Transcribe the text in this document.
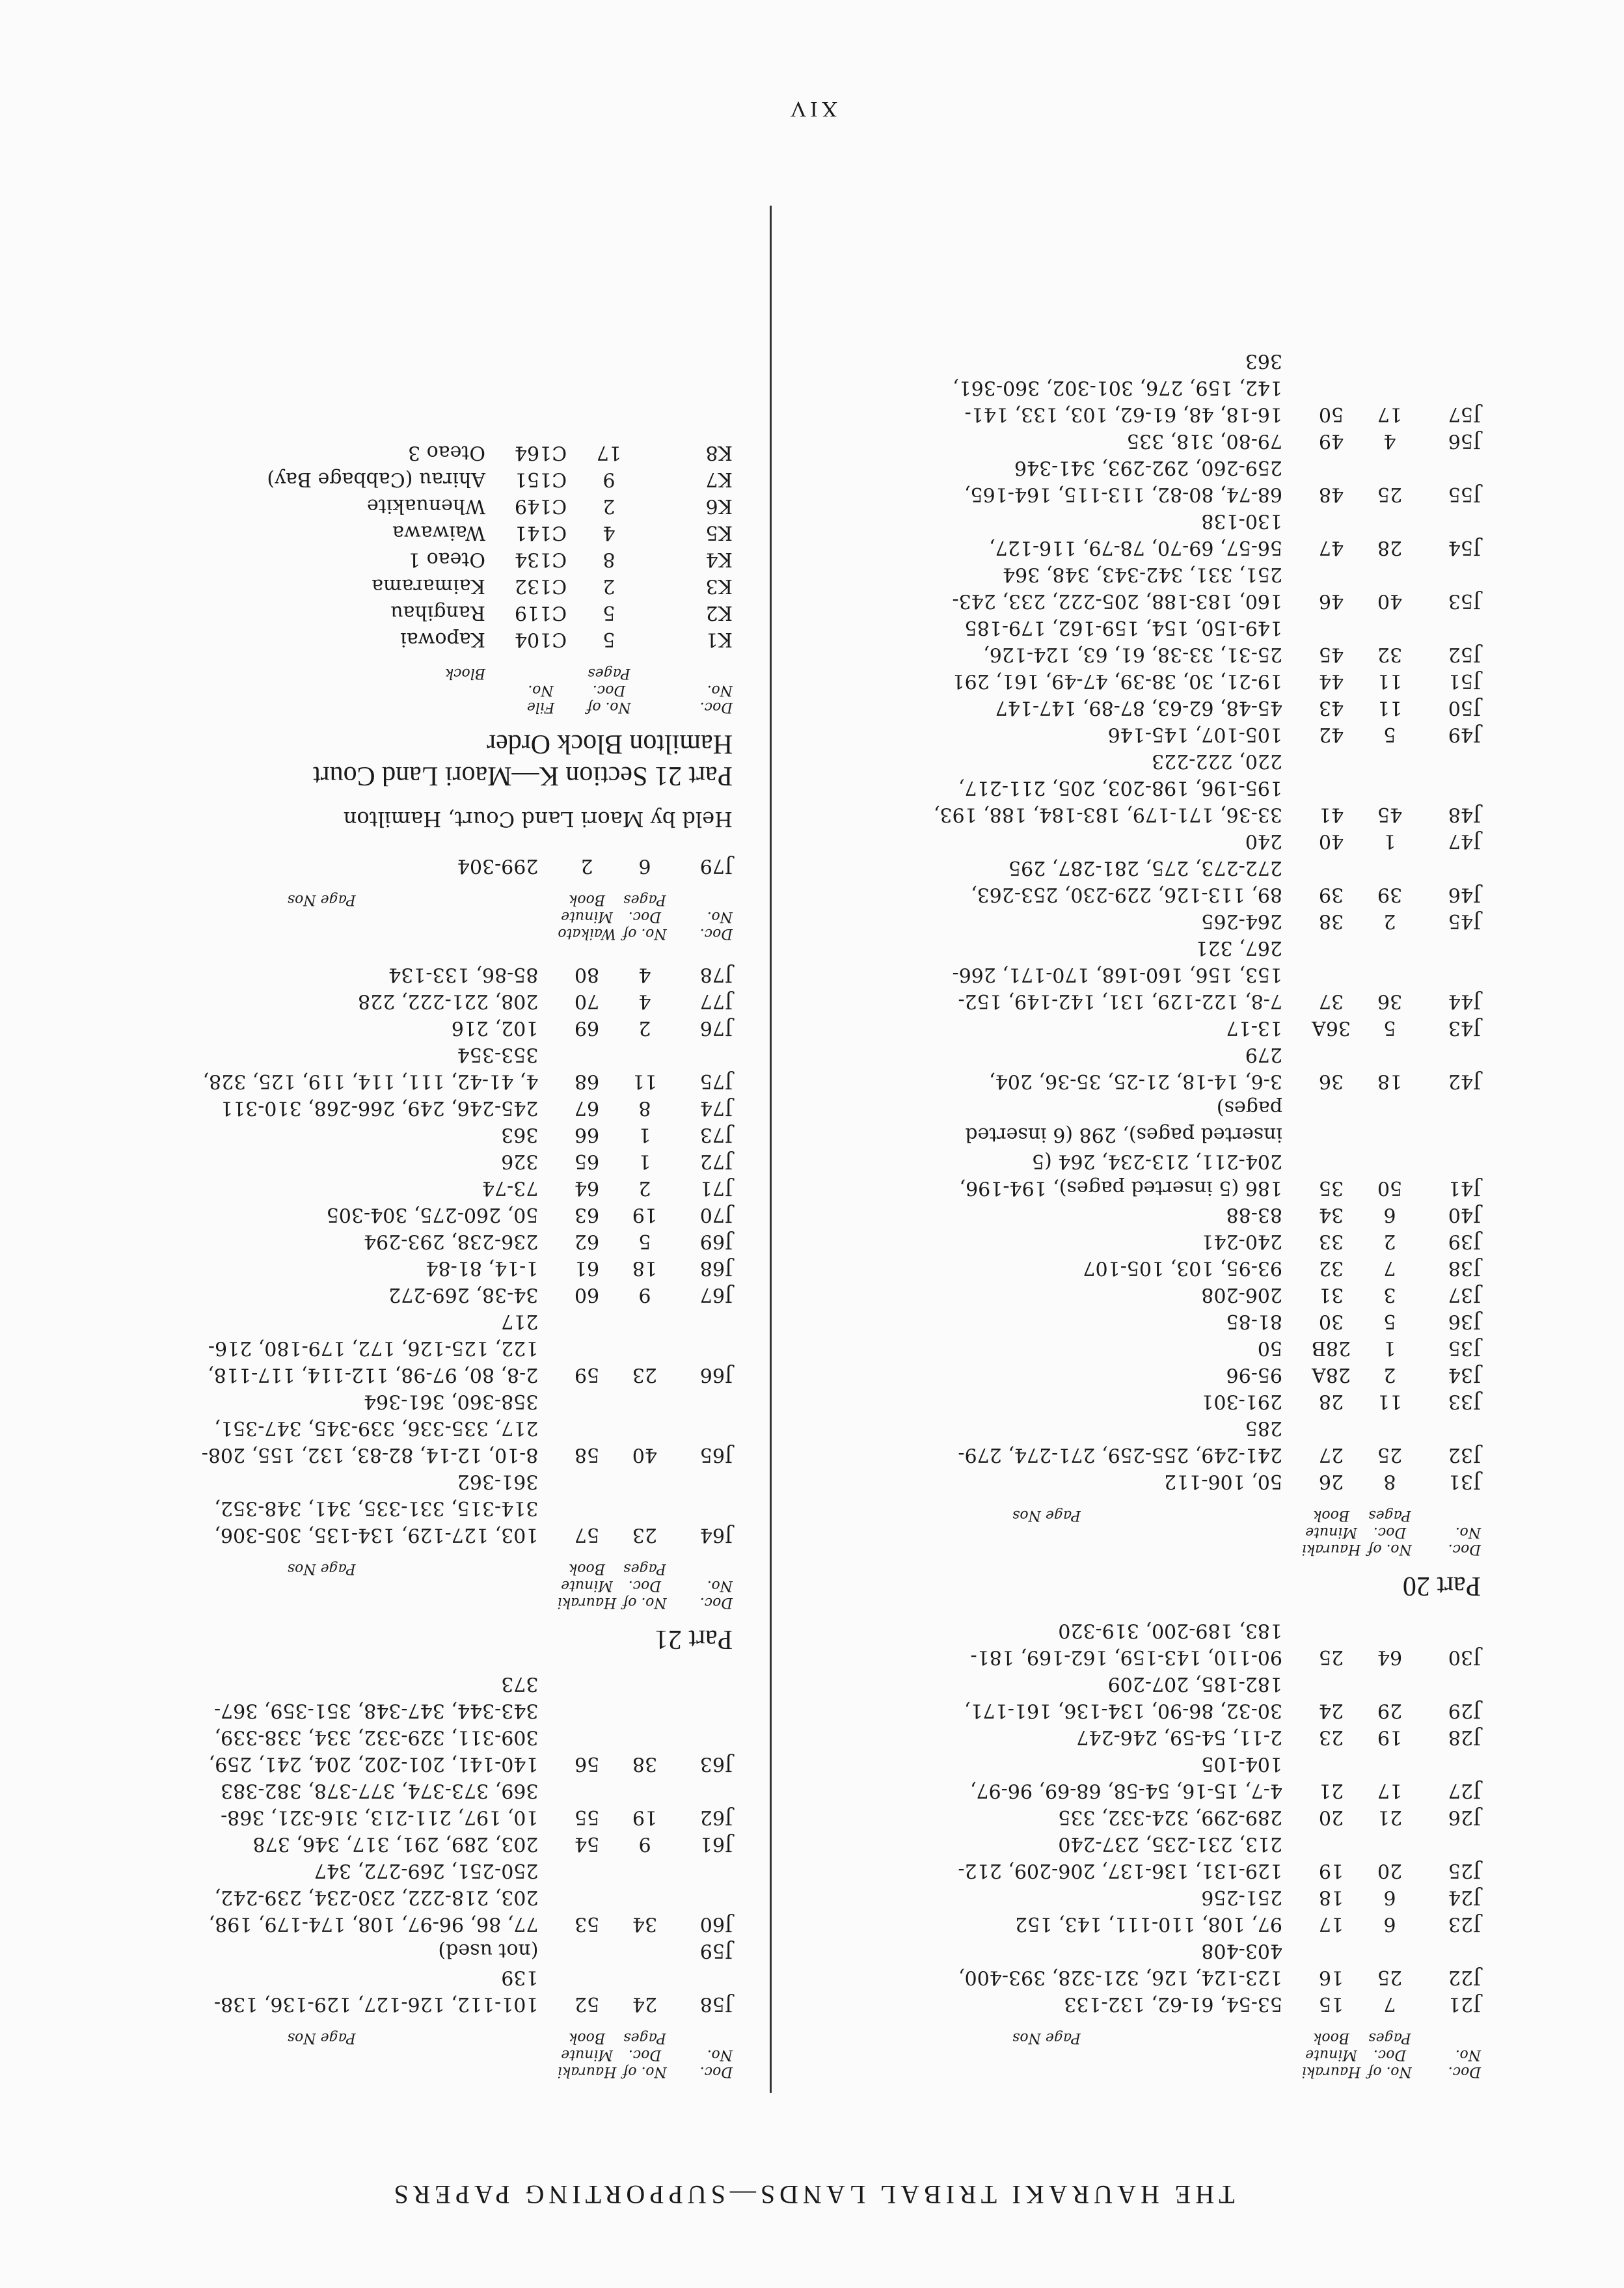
THE HAURAKI TRIBAL LANDS—SUPPORTING PAPERS
Doc.
No.	No. of
Doc.
Pages	Hauraki
Minute
Book	Page Nos
J21	7	15	53-54, 61-62, 132-133

J22	25	16	123-124, 126, 321-328, 393-400,
403-408

J23	6	17	97, 108, 110-111, 143, 152

J24	6	18	251-256

J25	20	19	129-131, 136-137, 206-209, 212-
213, 231-235, 237-240

J26	21	20	289-299, 324-332, 335

J27	17	21	4-7, 15-16, 54-58, 68-69, 96-97,
104-105

J28	19	23	2-11, 54-59, 246-247

J29	29	24	30-32, 86-90, 134-136, 161-171,
182-185, 207-209

J30	64	25	90-110, 143-159, 162-169, 181-
183, 189-200, 319-320
Part 20
Doc.
No.	No. of
Doc.
Pages	Hauraki
Minute
Book	Page Nos
J31	8	26	50, 106-112

J32	25	27	241-249, 255-259, 271-274, 279-
285

J33	11	28	291-301

J34	2	28A	95-96

J35	1	28B	50

J36	5	30	81-85

J37	3	31	206-208

J38	7	32	93-95, 103, 105-107

J39	2	33	240-241

J40	6	34	83-88

J41	50	35	186 (5 inserted pages), 194-196,
204-211, 213-234, 264 (5
inserted pages), 298 (6 inserted
pages)

J42	18	36	3-6, 14-18, 21-25, 35-36, 204,
279

J43	5	36A	13-17

J44	36	37	7-8, 122-129, 131, 142-149, 152-
153, 156, 160-168, 170-171, 266-
267, 321

J45	2	38	264-265

J46	39	39	89, 113-126, 229-230, 253-263,
272-273, 275, 281-287, 295

J47	1	40	240

J48	45	41	33-36, 171-179, 183-184, 188, 193,
195-196, 198-203, 205, 211-217,
220, 222-223

J49	5	42	105-107, 145-146

J50	11	43	45-48, 62-63, 87-89, 147-147

J51	11	44	19-21, 30, 38-39, 47-49, 161, 291

J52	32	45	25-31, 33-38, 61, 63, 124-126,
149-150, 154, 159-162, 179-185

J53	40	46	160, 183-188, 205-222, 233, 243-
251, 331, 342-343, 348, 364

J54	28	47	56-57, 69-70, 78-79, 116-127,
130-138

J55	25	48	68-74, 80-82, 113-115, 164-165,
259-260, 292-293, 341-346

J56	4	49	79-80, 318, 335

J57	17	50	16-18, 48, 61-62, 103, 133, 141-
142, 159, 276, 301-302, 360-361,
363
Doc.
No.	No. of
Doc.
Pages	Hauraki
Minute
Book	Page Nos
J58	24	52	101-112, 126-127, 129-136, 138-
139

J59			(not used)

J60	34	53	77, 86, 96-97, 108, 174-179, 198,
203, 218-222, 230-234, 239-242,
250-251, 269-272, 347

J61	9	54	203, 289, 291, 317, 346, 378

J62	19	55	10, 197, 211-213, 316-321, 368-
369, 373-374, 377-378, 382-383

J63	38	56	140-141, 201-202, 204, 241, 259,
309-311, 329-332, 334, 338-339,
343-344, 347-348, 351-359, 367-
373
Part 21
Doc.
No.	No. of
Doc.
Pages	Hauraki
Minute
Book	Page Nos
J64	23	57	103, 127-129, 134-135, 305-306,
314-315, 331-335, 341, 348-352,
361-362

J65	40	58	8-10, 12-14, 82-83, 132, 155, 208-
217, 335-336, 339-345, 347-351,
358-360, 361-364

J66	23	59	2-8, 80, 97-98, 112-114, 117-118,
122, 125-126, 172, 179-180, 216-
217

J67	9	60	34-38, 269-272

J68	18	61	1-14, 81-84

J69	5	62	236-238, 293-294

J70	19	63	50, 260-275, 304-305

J71	2	64	73-74

J72	1	65	326

J73	1	66	363

J74	8	67	245-246, 249, 266-268, 310-311

J75	11	68	4, 41-42, 111, 114, 119, 125, 328,
353-354

J76	2	69	102, 216

J77	4	70	208, 221-222, 228

J78	4	80	85-86, 133-134
Doc.
No.	No. of
Doc.
Pages	Waikato
Minute
Book	Page Nos
J79	6	2	299-304
Held by Maori Land Court, Hamilton
Part 21 Section K—Maori Land Court
Hamilton Block Order
Doc.
No.	No. of
Doc.
Pages	File
No.	Block
K1	5	C104	Kapowai
K2	5	C119	Rangihau
K3	2	C132	Kaimarama
K4	8	C134	Oteao 1
K5	4	C141	Waiwawa
K6	2	C149	Whenuakite
K7	9	C151	Ahirau (Cabbage Bay)
K8	17	C164	Oteao 3
XIV
